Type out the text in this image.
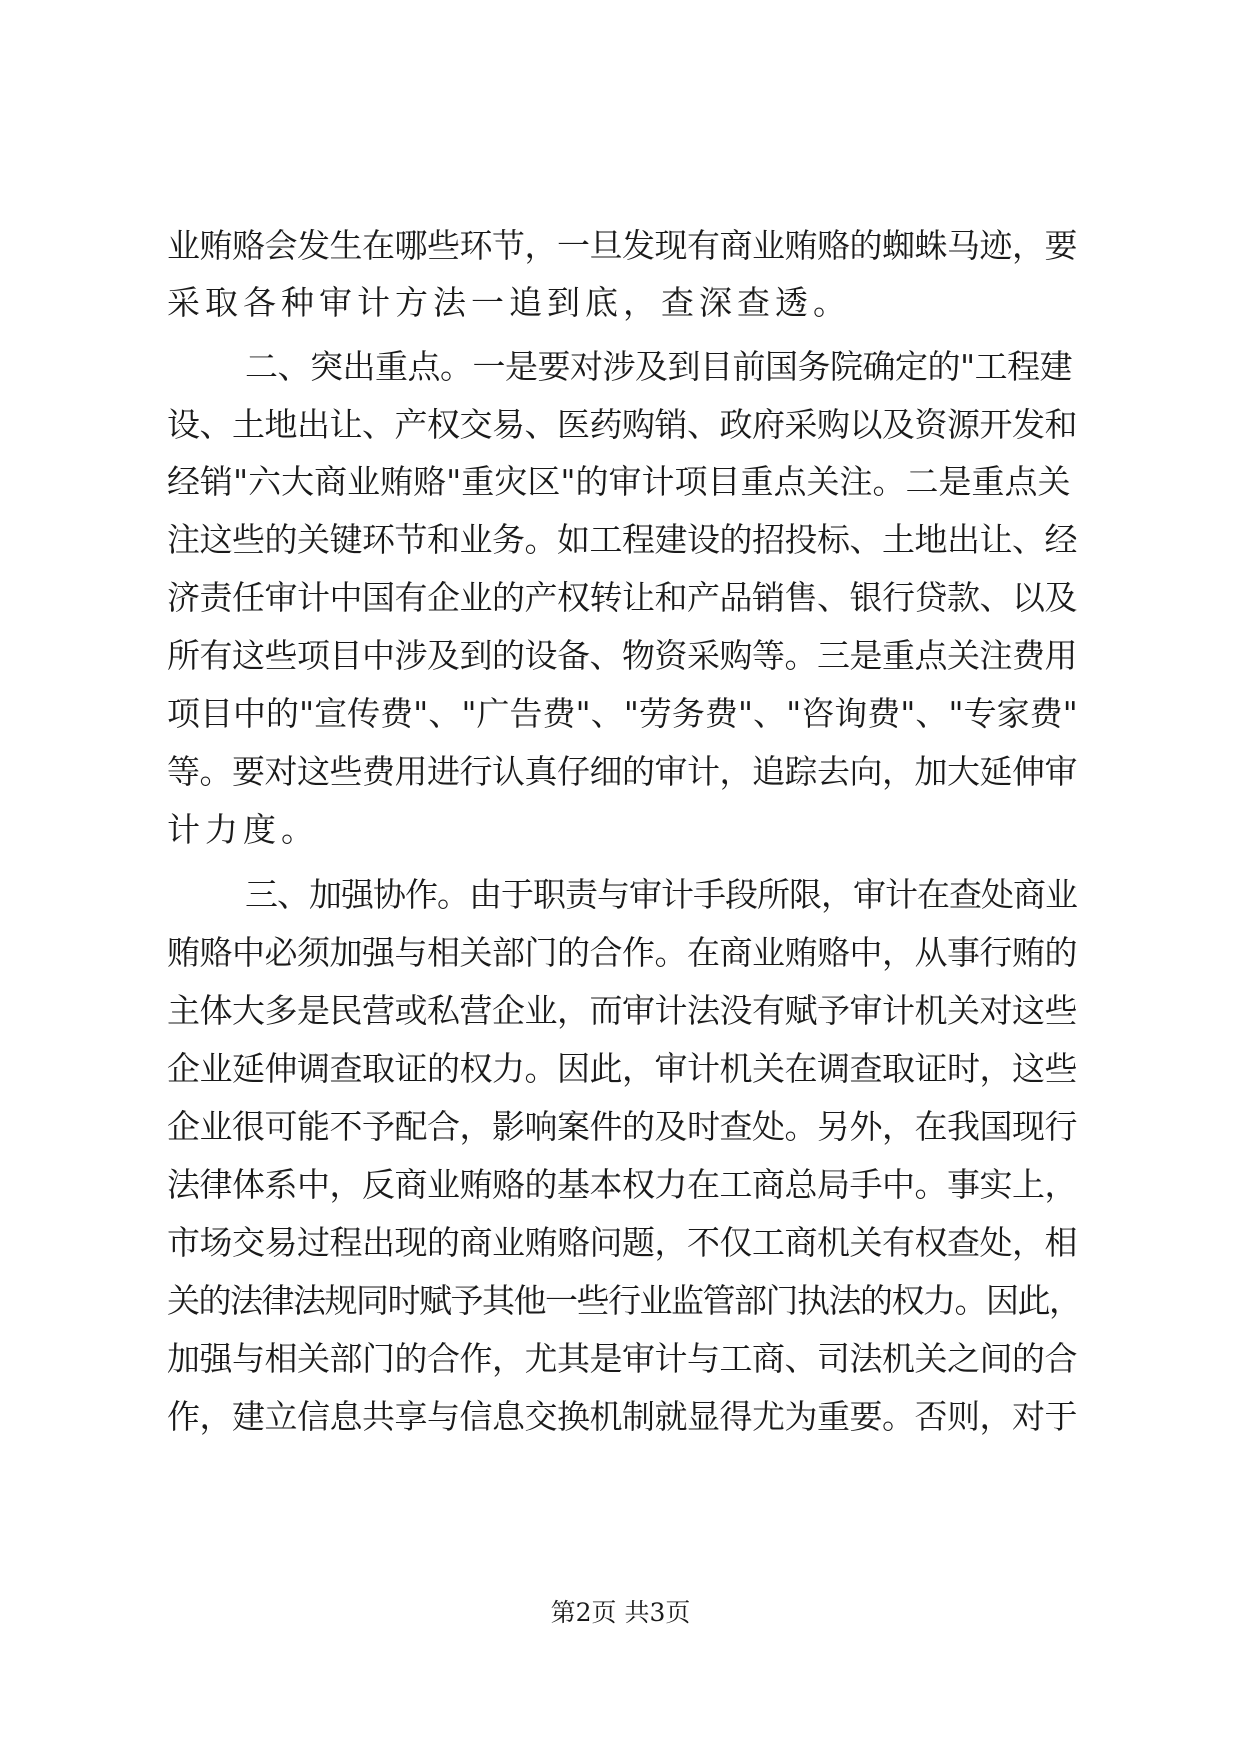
业贿赂会发生在哪些环节，一旦发现有商业贿赂的蜘蛛马迹，要

采取各种审计方法一追到底，查深查透。

二、突出重点。一是要对涉及到目前国务院确定的"工程建

设、土地出让、产权交易、医药购销、政府采购以及资源开发和

经销"六大商业贿赂"重灾区"的审计项目重点关注。二是重点关

注这些的关键环节和业务。如工程建设的招投标、土地出让、经

济责任审计中国有企业的产权转让和产品销售、银行贷款、以及

所有这些项目中涉及到的设备、物资采购等。三是重点关注费用

项目中的"宣传费"、"广告费"、"劳务费"、"咨询费"、"专家费"

等。要对这些费用进行认真仔细的审计，追踪去向，加大延伸审

计力度。

三、加强协作。由于职责与审计手段所限，审计在查处商业

贿赂中必须加强与相关部门的合作。在商业贿赂中，从事行贿的

主体大多是民营或私营企业，而审计法没有赋予审计机关对这些

企业延伸调查取证的权力。因此，审计机关在调查取证时，这些

企业很可能不予配合，影响案件的及时查处。另外，在我国现行

法律体系中，反商业贿赂的基本权力在工商总局手中。事实上，

市场交易过程出现的商业贿赂问题，不仅工商机关有权查处，相

关的法律法规同时赋予其他一些行业监管部门执法的权力。因此，

加强与相关部门的合作，尤其是审计与工商、司法机关之间的合

作，建立信息共享与信息交换机制就显得尤为重要。否则，对于

第2页 共3页
